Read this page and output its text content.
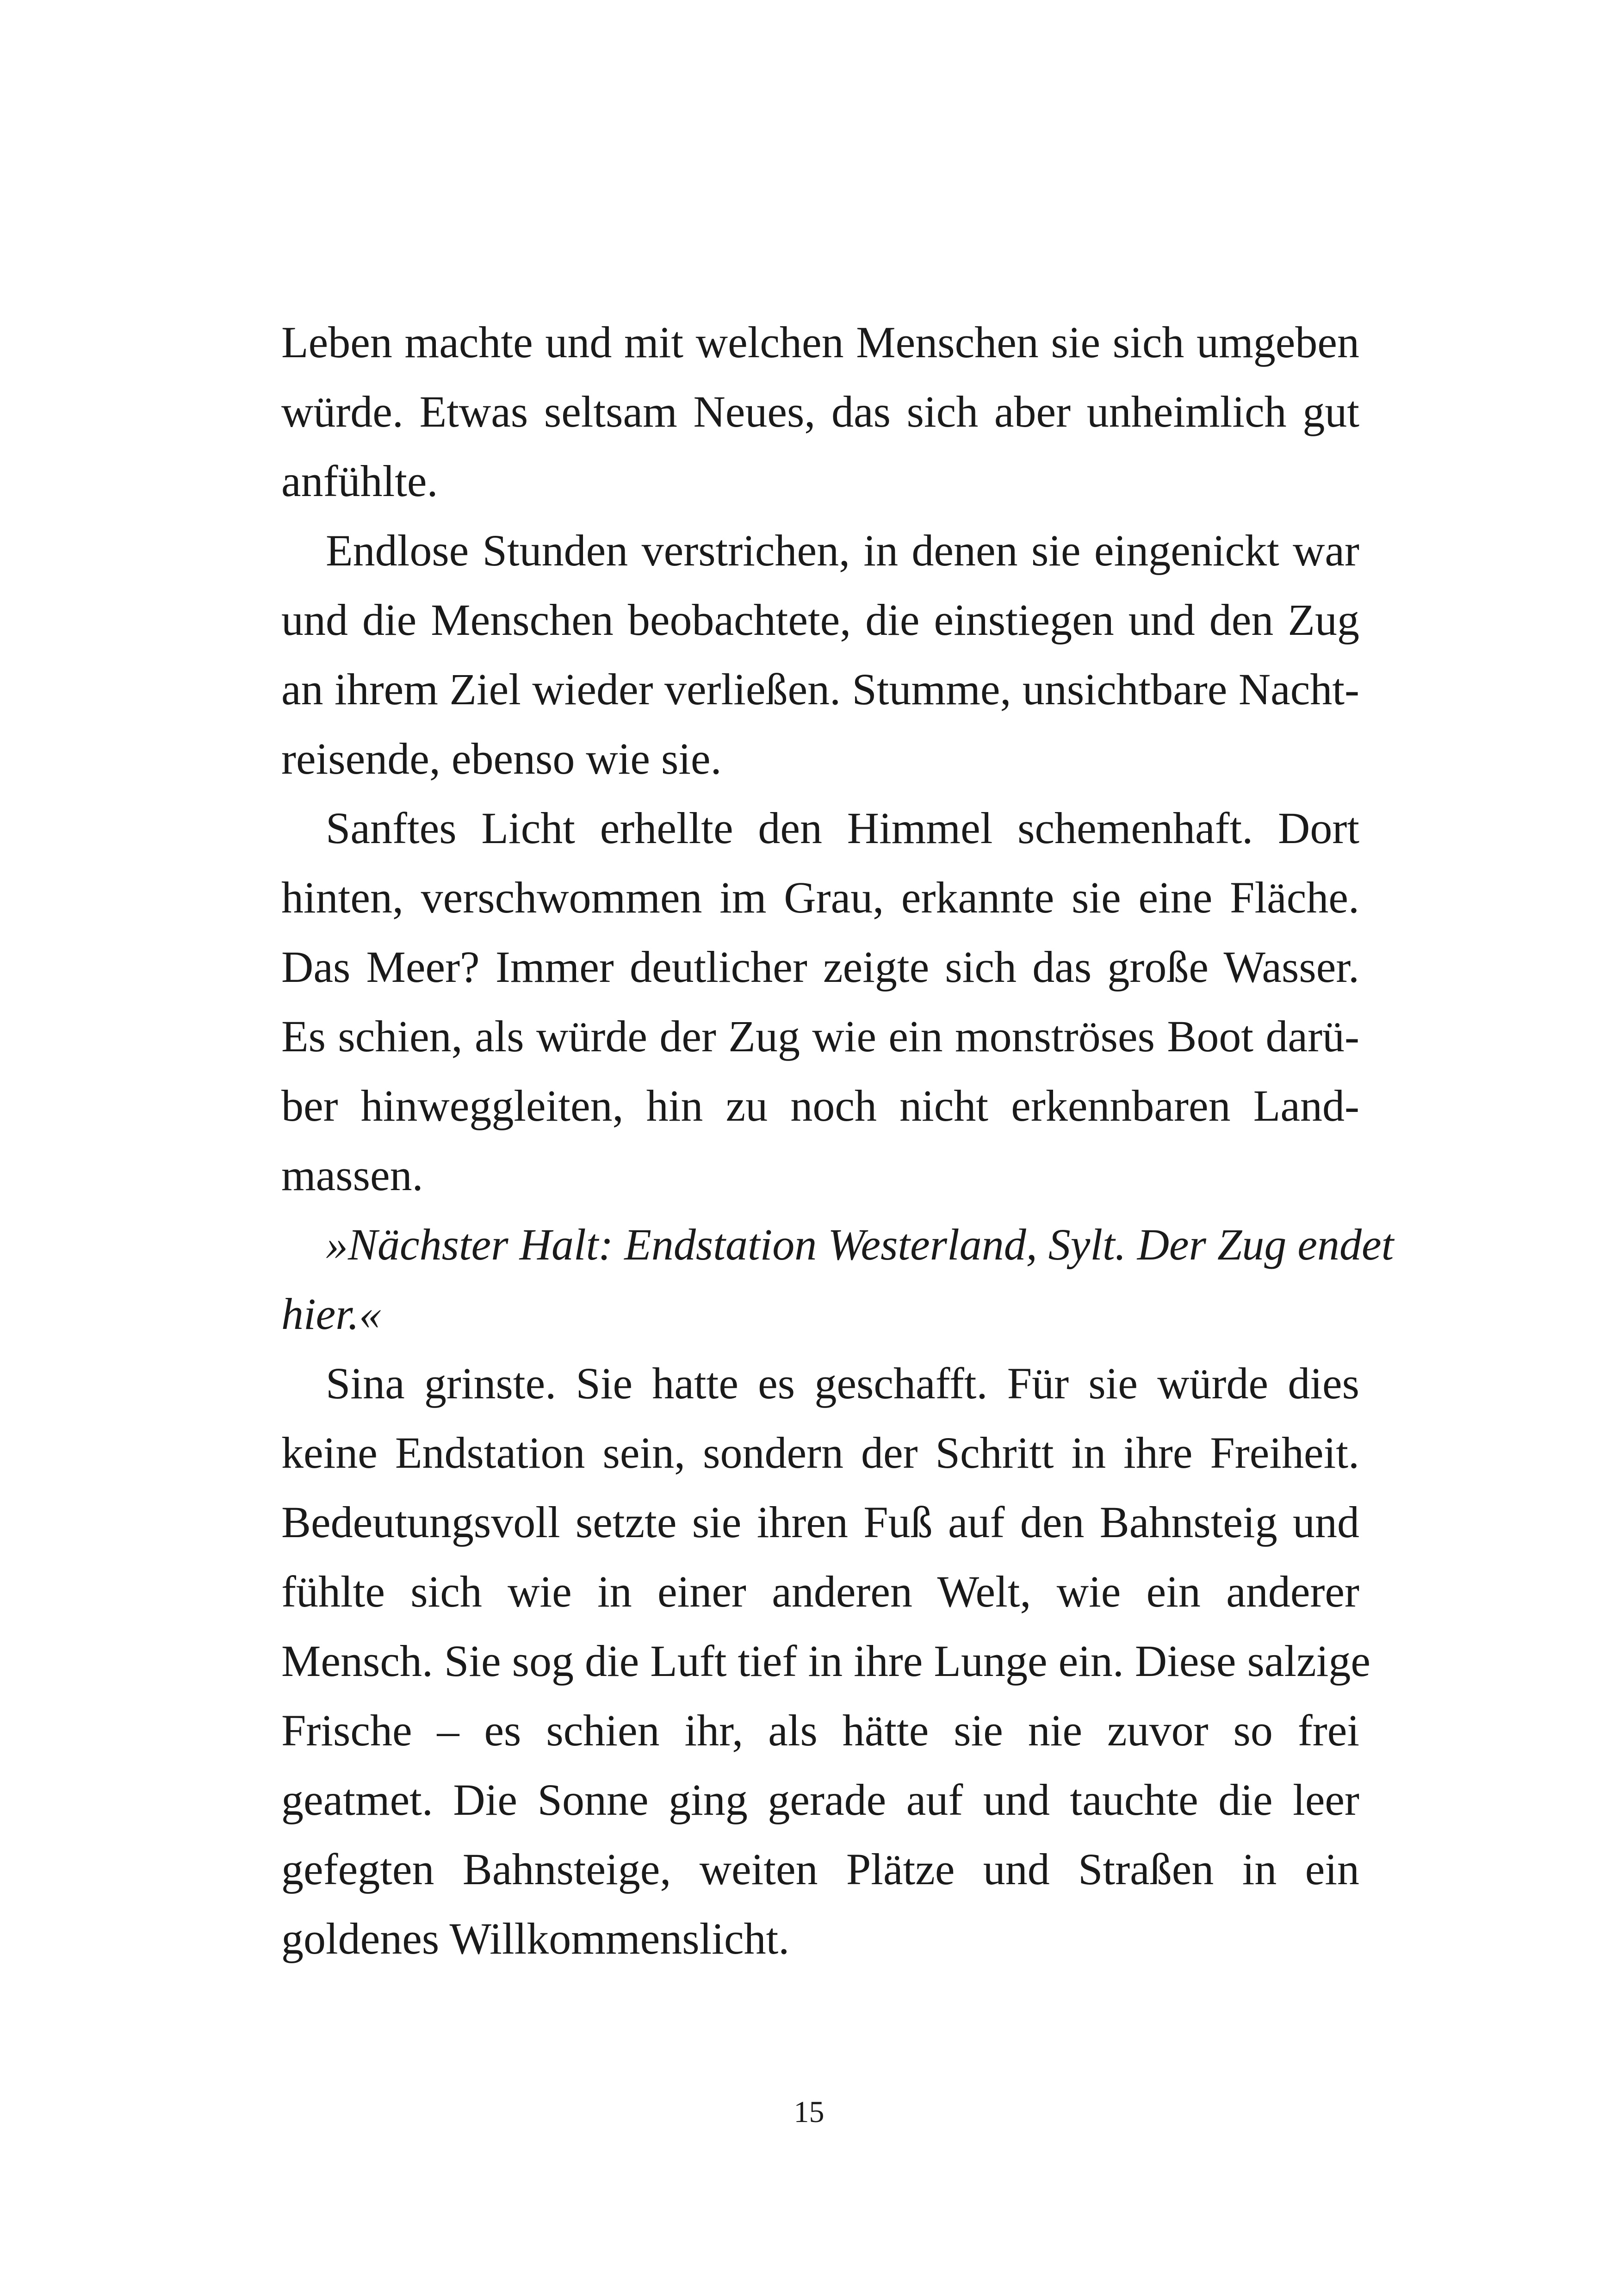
Leben machte und mit welchen Menschen sie sich umgeben
würde. Etwas seltsam Neues, das sich aber unheimlich gut
anfühlte.
Endlose Stunden verstrichen, in denen sie eingenickt war
und die Menschen beobachtete, die einstiegen und den Zug
an ihrem Ziel wieder verließen. Stumme, unsichtbare Nacht-
reisende, ebenso wie sie.
Sanftes Licht erhellte den Himmel schemenhaft. Dort
hinten, verschwommen im Grau, erkannte sie eine Fläche.
Das Meer? Immer deutlicher zeigte sich das große Wasser.
Es schien, als würde der Zug wie ein monströses Boot darü-
ber hinweggleiten, hin zu noch nicht erkennbaren Land-
massen.
»Nächster Halt: Endstation Westerland, Sylt. Der Zug endet
hier.«
Sina grinste. Sie hatte es geschafft. Für sie würde dies
keine Endstation sein, sondern der Schritt in ihre Freiheit.
Bedeutungsvoll setzte sie ihren Fuß auf den Bahnsteig und
fühlte sich wie in einer anderen Welt, wie ein anderer
Mensch. Sie sog die Luft tief in ihre Lunge ein. Diese salzige
Frische – es schien ihr, als hätte sie nie zuvor so frei
geatmet. Die Sonne ging gerade auf und tauchte die leer
gefegten Bahnsteige, weiten Plätze und Straßen in ein
goldenes Willkommenslicht.
15
